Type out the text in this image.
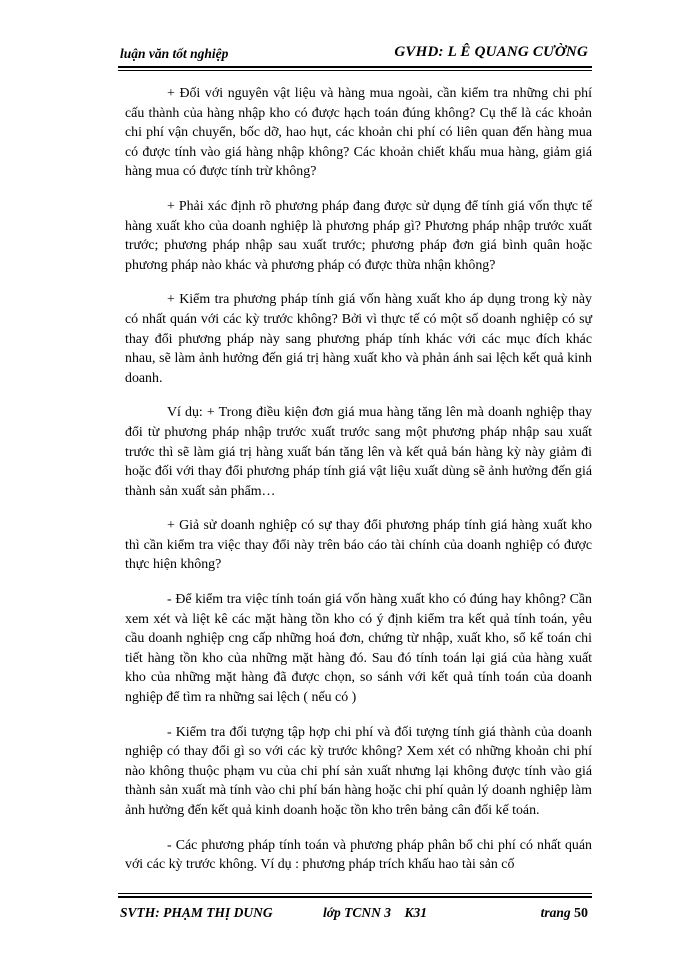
luận văn tốt nghiệp	GVHD: L Ê QUANG CƯỜNG

+ Đối với nguyên vật liệu và hàng mua ngoài, cần kiểm tra những chi phí cấu thành của hàng nhập kho có được hạch toán đúng không? Cụ thể là các khoản chi phí vận chuyển, bốc dỡ, hao hụt, các khoản chi phí có liên quan đến hàng mua có được tính vào giá hàng nhập không? Các khoản chiết khấu mua hàng, giảm giá hàng mua có được tính trừ không?

+ Phải xác định rõ phương pháp đang được sử dụng để tính giá vốn thực tế hàng xuất kho của doanh nghiệp là phương pháp gì? Phương pháp nhập trước xuất trước; phương pháp nhập sau xuất trước; phương pháp đơn giá bình quân hoặc phương pháp nào khác và phương pháp có được thừa nhận không?

+ Kiểm tra phương pháp tính giá vốn hàng xuất kho áp dụng trong kỳ này có nhất quán với các kỳ trước không? Bởi vì thực tế có một số doanh nghiệp có sự thay đổi phương pháp này sang phương pháp tính khác với các mục đích khác nhau, sẽ làm ảnh hưởng đến giá trị hàng xuất kho và phản ánh sai lệch kết quả kinh doanh.

Ví dụ: + Trong điều kiện đơn giá mua hàng tăng lên mà doanh nghiệp thay đổi từ phương pháp nhập trước xuất trước sang một phương pháp nhập sau xuất trước thì sẽ làm giá trị hàng xuất bán tăng lên và kết quả bán hàng kỳ này giảm đi hoặc đối với thay đổi phương pháp tính giá vật liệu xuất dùng sẽ ảnh hưởng đến giá thành sản xuất sản phẩm…

+ Giả sử doanh nghiệp có sự thay đổi phương pháp tính giá hàng xuất kho thì cần kiểm tra việc thay đổi này trên báo cáo tài chính của doanh nghiệp có được thực hiện không?

- Để kiểm tra việc tính toán giá vốn hàng xuất kho có đúng hay không? Cần xem xét và liệt kê các mặt hàng tồn kho có ý định kiểm tra kết quả tính toán, yêu cầu doanh nghiệp cng cấp những hoá đơn, chứng từ nhập, xuất kho, sổ kế toán chi tiết hàng tồn kho của những mặt hàng đó. Sau đó tính toán lại giá của hàng xuất kho của những mặt hàng đã được chọn, so sánh với kết quả tính toán của doanh nghiệp để tìm ra những sai lệch ( nếu có )

- Kiểm tra đối tượng tập hợp chi phí và đối tượng tính giá thành của doanh nghiệp có thay đổi gì so với các kỳ trước không? Xem xét có những khoản chi phí nào không thuộc phạm vu của chi phí sản xuất nhưng lại không được tính vào giá thành sản xuất mà tính vào chi phí bán hàng hoặc chi phí quản lý doanh nghiệp làm ảnh hưởng đến kết quả kinh doanh hoặc tồn kho trên bảng cân đối kế toán.

- Các phương pháp tính toán và phương pháp phân bổ chi phí có nhất quán với các kỳ trước không. Ví dụ : phương pháp trích khấu hao tài sản cố

SVTH: PHẠM THỊ DUNG	lớp TCNN 3 K31	trang 50
